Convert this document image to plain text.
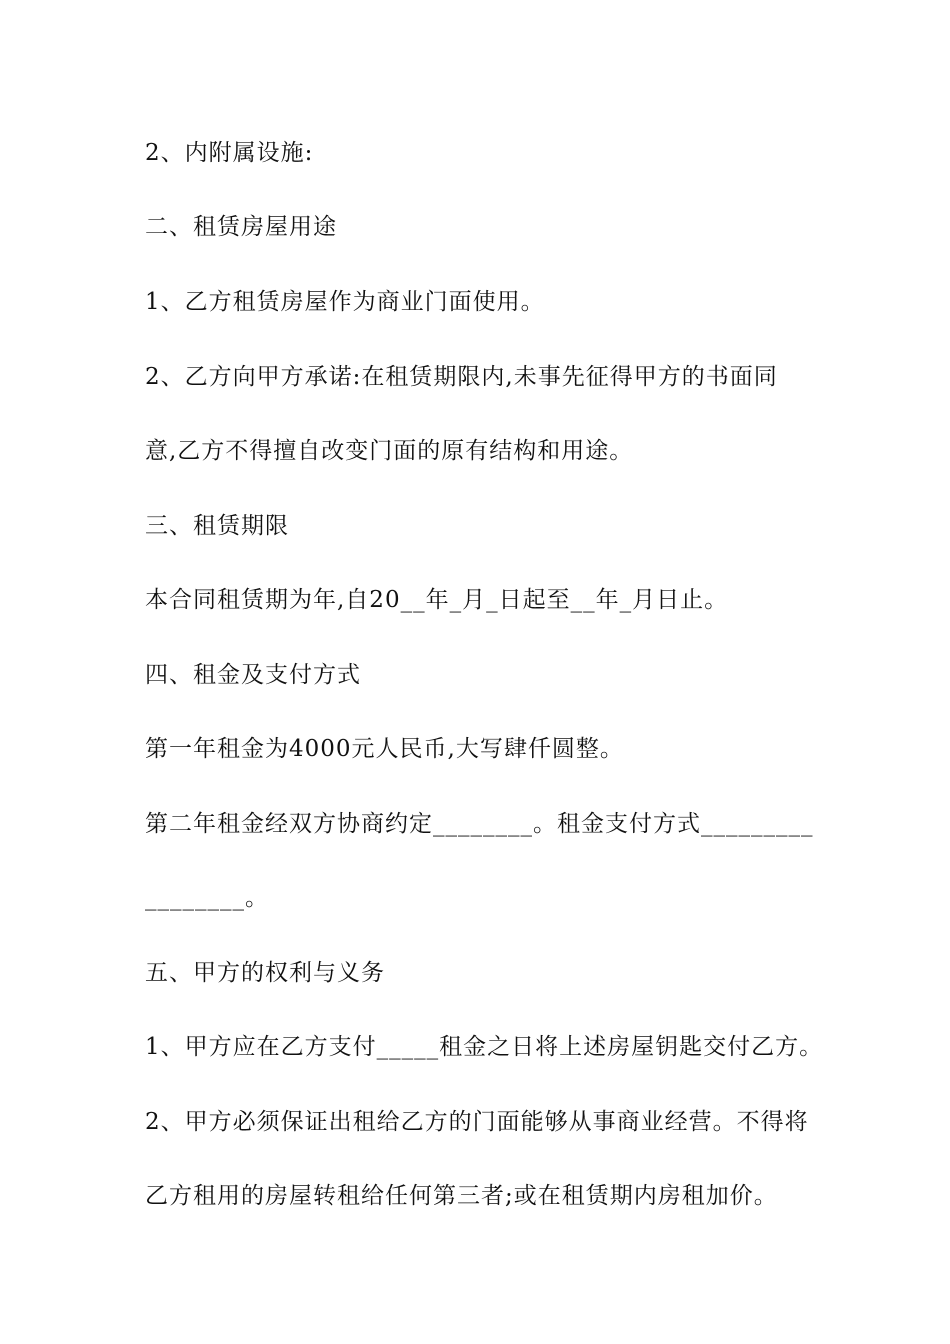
2、内附属设施:
二、租赁房屋用途
1、乙方租赁房屋作为商业门面使用。
2、乙方向甲方承诺:在租赁期限内,未事先征得甲方的书面同
意,乙方不得擅自改变门面的原有结构和用途。
三、租赁期限
本合同租赁期为年,自20__年_月_日起至__年_月日止。
四、租金及支付方式
第一年租金为4000元人民币,大写肆仟圆整。
第二年租金经双方协商约定________。租金支付方式_________
________。
五、甲方的权利与义务
1、甲方应在乙方支付_____租金之日将上述房屋钥匙交付乙方。
2、甲方必须保证出租给乙方的门面能够从事商业经营。不得将
乙方租用的房屋转租给任何第三者;或在租赁期内房租加价。
